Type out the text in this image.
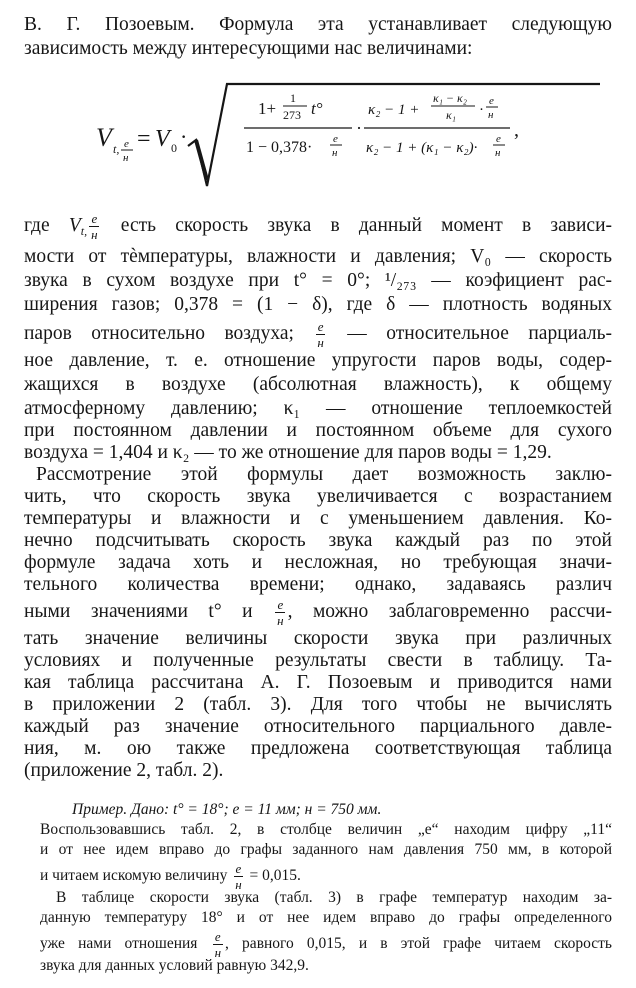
В. Г. Позоевым. Формула эта устанавливает следующую
зависимость между интересующими нас величинами:
V t, e
н
= V 0 ·
1+
1
273 t°
1 − 0,378· e
н
·
κ₂ − 1 +
κ₁ − κ₂
κ₁ ·
e
н
κ₂ − 1 + (κ₁ − κ₂)·
e
н
,
где $V_{t,} \frac{e}{н}$ есть скорость звука в данный момент в зависи-
мости от тèмпературы, влажности и давления; V₀ — скорость
звука в сухом воздухе при t° = 0°; ¹/₂₇₃ — коэфициент рас-
ширения газов; 0,378 = (1 − δ), где δ — плотность водяных
паров относительно воздуха; $\frac{e}{н}$ — относительное парциаль-
ное давление, т. е. отношение упругости паров воды, содер-
жащихся в воздухе (абсолютная влажность), к общему
атмосферному давлению; κ₁ — отношение теплоемкостей
при постоянном давлении и постоянном объеме для сухого
воздуха = 1,404 и κ₂ — то же отношение для паров воды = 1,29.
Рассмотрение этой формулы дает возможность заклю-
чить, что скорость звука увеличивается с возрастанием
температуры и влажности и с уменьшением давления. Ко-
нечно подсчитывать скорость звука каждый раз по этой
формуле задача хоть и несложная, но требующая значи-
тельного количества времени; однако, задаваясь различ
ными значениями t° и $\frac{e}{н}$ , можно заблаговременно рассчи-
тать значение величины скорости звука при различных
условиях и полученные результаты свести в таблицу. Та-
кая таблица рассчитана А. Г. Позоевым и приводится нами
в приложении 2 (табл. 3). Для того чтобы не вычислять
каждый раз значение относительного парциального давле-
ния, м. ою также предложена соответствующая таблица
(приложение 2, табл. 2).
Пример. Дано: t° = 18°; e = 11 мм; н = 750 мм.
Воспользовавшись табл. 2, в столбце величин „e“ находим цифру „11“
и от нее идем вправо до графы заданного нам давления 750 мм, в которой
и читаем искомую величину $\frac{e}{н} = 0,015$.
В таблице скорости звука (табл. 3) в графе температур находим за-
данную температуру 18° и от нее идем вправо до графы определенного
уже нами отношения $\frac{e}{н}$ , равного 0,015, и в этой графе читаем скорость
звука для данных условий равную 342,9.
